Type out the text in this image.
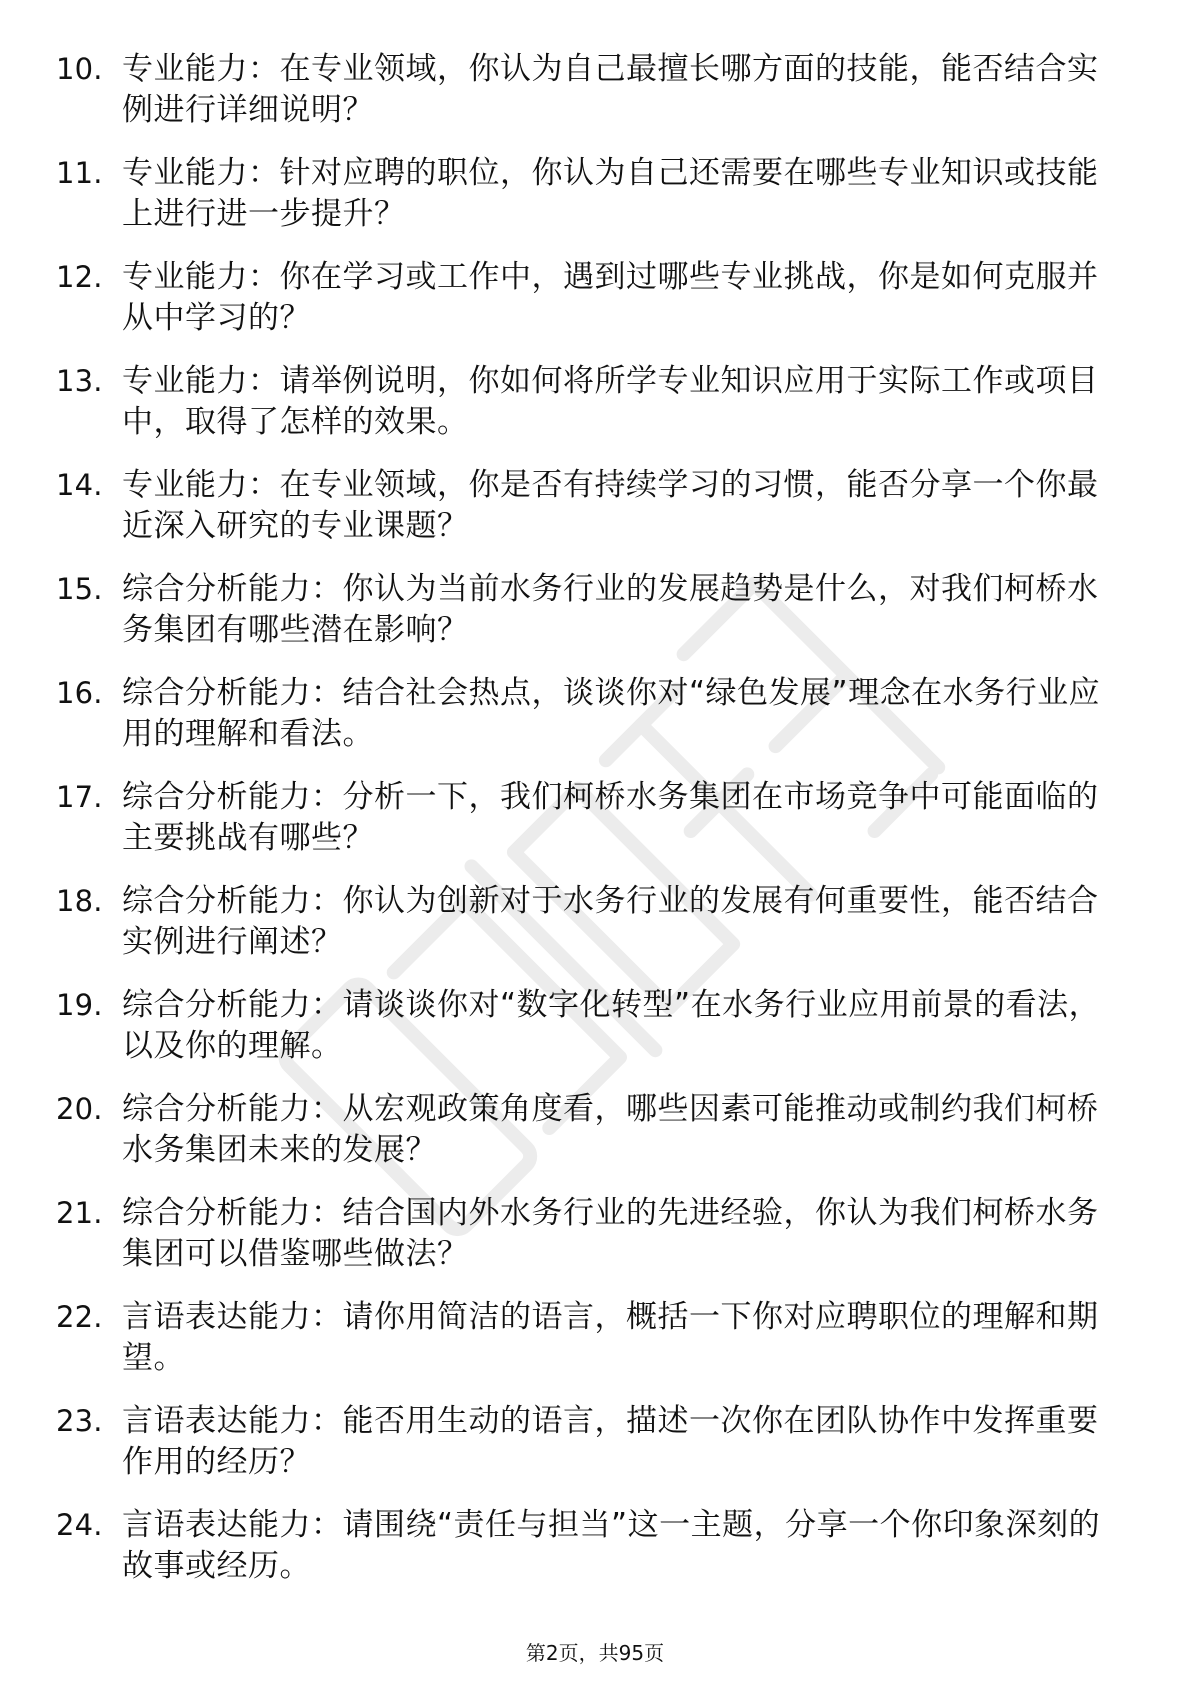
10. 专业能力：在专业领域，你认为自己最擅长哪方面的技能，能否结合实例进行详细说明？
11. 专业能力：针对应聘的职位，你认为自己还需要在哪些专业知识或技能上进行进一步提升？
12. 专业能力：你在学习或工作中，遇到过哪些专业挑战，你是如何克服并从中学习的？
13. 专业能力：请举例说明，你如何将所学专业知识应用于实际工作或项目中，取得了怎样的效果。
14. 专业能力：在专业领域，你是否有持续学习的习惯，能否分享一个你最近深入研究的专业课题？
15. 综合分析能力：你认为当前水务行业的发展趋势是什么，对我们柯桥水务集团有哪些潜在影响？
16. 综合分析能力：结合社会热点，谈谈你对“绿色发展”理念在水务行业应用的理解和看法。
17. 综合分析能力：分析一下，我们柯桥水务集团在市场竞争中可能面临的主要挑战有哪些？
18. 综合分析能力：你认为创新对于水务行业的发展有何重要性，能否结合实例进行阐述？
19. 综合分析能力：请谈谈你对“数字化转型”在水务行业应用前景的看法，以及你的理解。
20. 综合分析能力：从宏观政策角度看，哪些因素可能推动或制约我们柯桥水务集团未来的发展？
21. 综合分析能力：结合国内外水务行业的先进经验，你认为我们柯桥水务集团可以借鉴哪些做法？
22. 言语表达能力：请你用简洁的语言，概括一下你对应聘职位的理解和期望。
23. 言语表达能力：能否用生动的语言，描述一次你在团队协作中发挥重要作用的经历？
24. 言语表达能力：请围绕“责任与担当”这一主题，分享一个你印象深刻的故事或经历。
第2页，共95页
